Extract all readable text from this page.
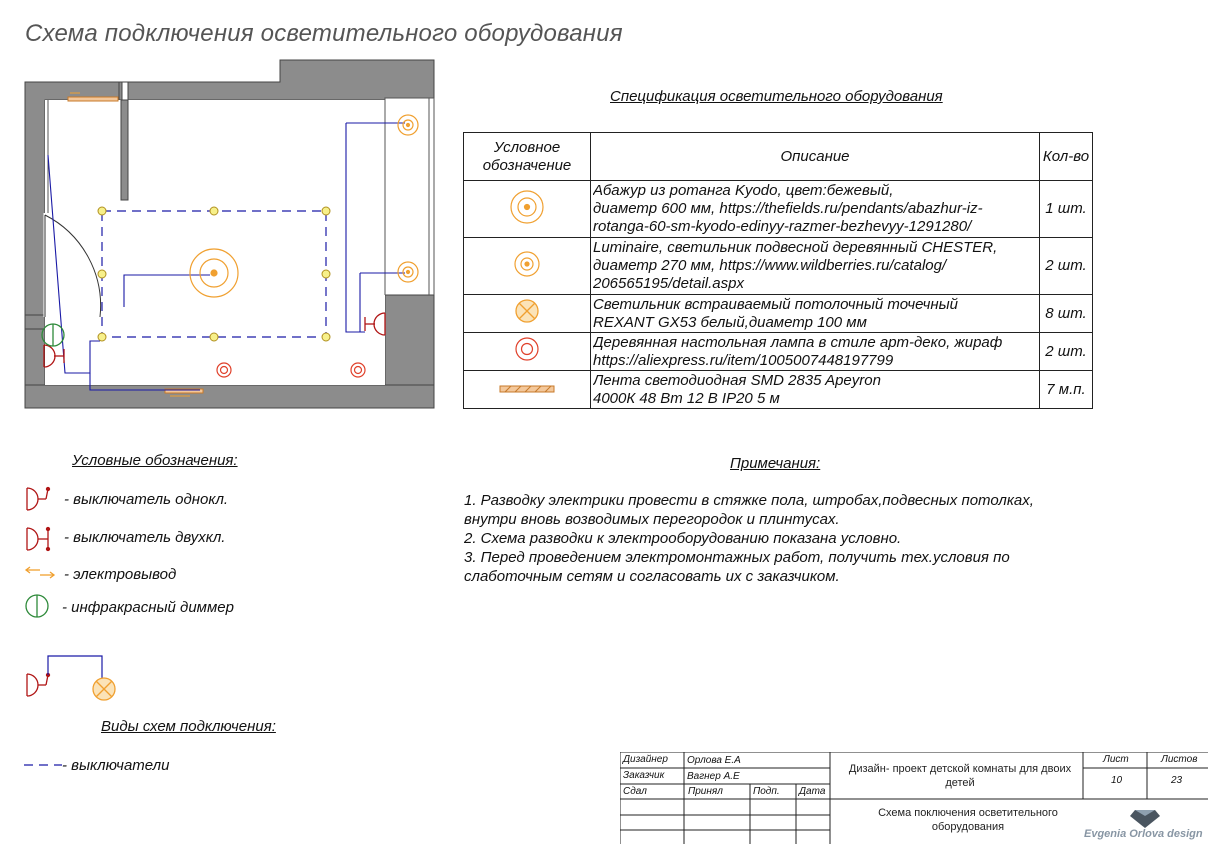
Схема подключения осветительного оборудования
Спецификация осветительного оборудования
Условное
обозначение	Описание	Кол-во

Абажур из ротанга Kyodo, цвет:бежевый,
диаметр 600 мм, https://thefields.ru/pendants/abazhur-iz-
rotanga-60-sm-kyodo-edinyy-razmer-bezhevyy-1291280/	1 шт.

Luminaire, светильник подвесной деревянный CHESTER,
диаметр 270 мм, https://www.wildberries.ru/catalog/
206565195/detail.aspx	2 шт.

Светильник встраиваемый потолочный точечный
REXANT GX53 белый,диаметр 100 мм	8 шт.

Деревянная настольная лампа в стиле арт-деко, жираф
https://aliexpress.ru/item/1005007448197799	2 шт.

Лента светодиодная SMD 2835 Apeyron
4000К 48 Вт 12 В IP20 5 м	7 м.п.
Условные обозначения:
- выключатель однокл.
- выключатель двухкл.
- электровывод
- инфракрасный диммер
Виды схем подключения:
- выключатели
Примечания:
1. Разводку электрики провести в стяжке пола, штробах,подвесных потолках,
внутри вновь возводимых перегородок и плинтусах.
2. Схема разводки к электрооборудованию показана условно.
3. Перед проведением электромонтажных работ, получить тех.условия по
слаботочным сетям и согласовать их с заказчиком.
Дизайнер Орлова Е.А
Заказчик Вагнер А.Е
Сдал	Принял	Подп. Дата
Дизайн- проект детской комнаты для двоих детей
Схема поключения осветительного оборудования
Лист	Листов
10	23
Evgenia Orlova design
